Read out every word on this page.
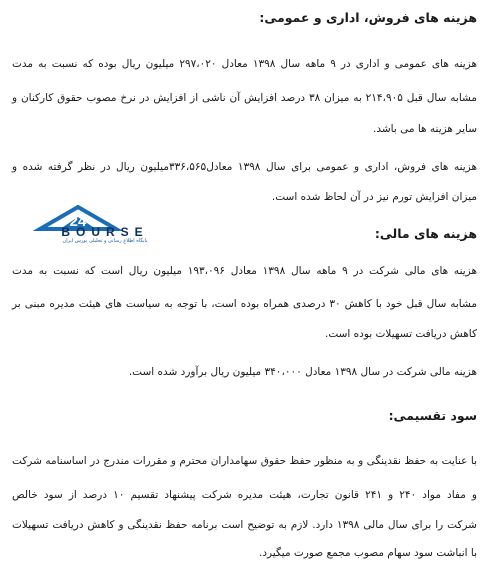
هزینه های فروش، اداری و عمومی:
هزینه های عمومی و اداری در ۹ ماهه سال ۱۳۹۸ معادل ۲۹۷،۰۲۰ میلیون ریال بوده که نسبت به مدت
مشابه سال قبل ۲۱۴،۹۰۵ به میزان ۳۸ درصد افزایش آن ناشی از افزایش در نرخ مصوب حقوق کارکنان و
سایر هزینه ها می باشد.
هزینه های فروش، اداری و عمومی برای سال ۱۳۹۸ معادل۳۳۶،۵۶۵میلیون ریال در نظر گرفته شده و
میزان افزایش تورم نیز در آن لحاظ شده است.
24
BOURSE
پایگاه اطلاع رسانی و تحلیلی بورس ایران	هزینه های مالی:
هزینه های مالی شرکت در ۹ ماهه سال ۱۳۹۸ معادل ۱۹۳،۰۹۶ میلیون ریال است که نسبت به مدت
مشابه سال قبل خود با کاهش ۳۰ درصدی همراه بوده است، با توجه به سیاست های هیئت مدیره مبنی بر
کاهش دریافت تسهیلات بوده است.
هزینه مالی شرکت در سال ۱۳۹۸ معادل ۳۴۰،۰۰۰ میلیون ریال برآورد شده است.
سود تقسیمی:
با عنایت به حفظ نقدینگی و به منظور حفظ حقوق سهامداران محترم و مقررات مندرج در اساسنامه شرکت
و مفاد مواد ۲۴۰ و ۲۴۱ قانون تجارت، هیئت مدیره شرکت پیشنهاد تقسیم ۱۰ درصد از سود خالص
شرکت را برای سال مالی ۱۳۹۸ دارد. لازم به توضیح است برنامه حفظ نقدینگی و کاهش دریافت تسهیلات
با انباشت سود سهام مصوب مجمع صورت میگیرد.
